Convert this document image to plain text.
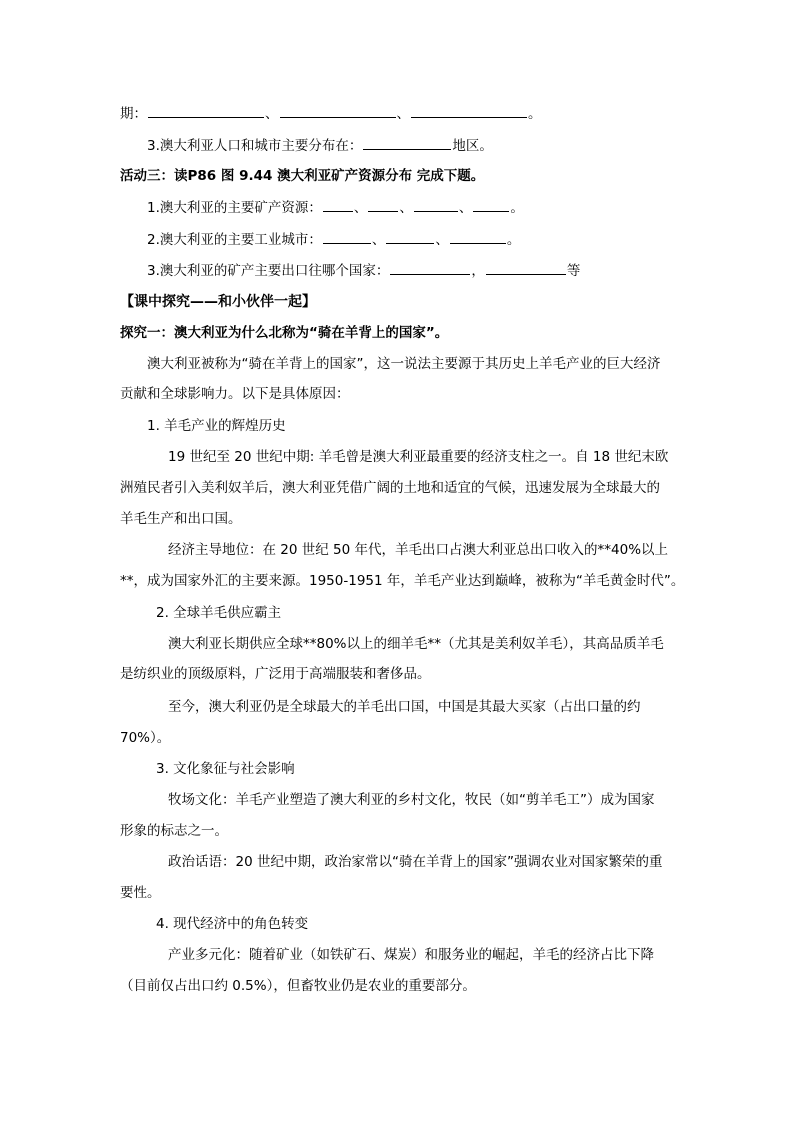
期：	、	、	。
3.澳大利亚人口和城市主要分布在：	地区。
活动三：读P86 图 9.44 澳大利亚矿产资源分布 完成下题。
1.澳大利亚的主要矿产资源： 、 、	、	。
2.澳大利亚的主要工业城市：	、	、	。
3.澳大利亚的矿产主要出口往哪个国家：	，	等
【课中探究——和小伙伴一起】
探究一：澳大利亚为什么北称为“骑在羊背上的国家”。
澳大利亚被称为“骑在羊背上的国家”，这一说法主要源于其历史上羊毛产业的巨大经济
贡献和全球影响力。以下是具体原因：
1. 羊毛产业的辉煌历史
19 世纪至 20 世纪中期: 羊毛曾是澳大利亚最重要的经济支柱之一。自 18 世纪末欧
洲殖民者引入美利奴羊后，澳大利亚凭借广阔的土地和适宜的气候，迅速发展为全球最大的
羊毛生产和出口国。
经济主导地位：在 20 世纪 50 年代，羊毛出口占澳大利亚总出口收入的**40%以上
**，成为国家外汇的主要来源。1950-1951 年，羊毛产业达到巅峰，被称为“羊毛黄金时代”。
2. 全球羊毛供应霸主
澳大利亚长期供应全球**80%以上的细羊毛**（尤其是美利奴羊毛），其高品质羊毛
是纺织业的顶级原料，广泛用于高端服装和奢侈品。
至今，澳大利亚仍是全球最大的羊毛出口国，中国是其最大买家（占出口量的约
70%）。
3. 文化象征与社会影响
牧场文化：羊毛产业塑造了澳大利亚的乡村文化，牧民（如“剪羊毛工”）成为国家
形象的标志之一。
政治话语：20 世纪中期，政治家常以“骑在羊背上的国家”强调农业对国家繁荣的重
要性。
4. 现代经济中的角色转变
产业多元化：随着矿业（如铁矿石、煤炭）和服务业的崛起，羊毛的经济占比下降
（目前仅占出口约 0.5%），但畜牧业仍是农业的重要部分。
